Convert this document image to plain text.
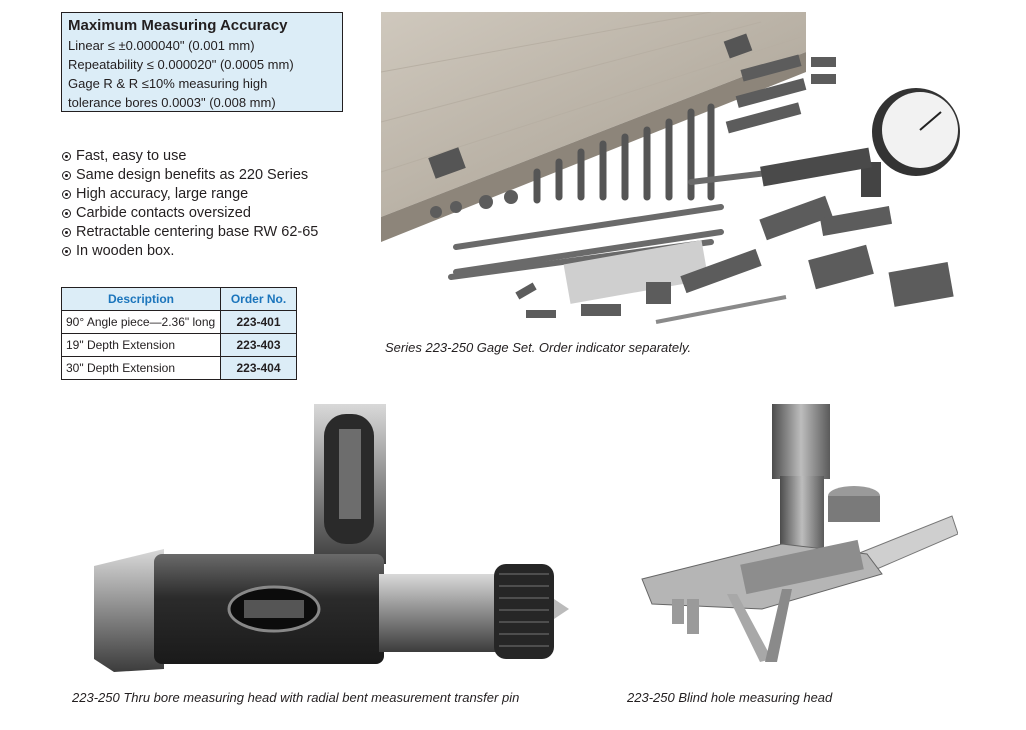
Maximum Measuring Accuracy
Linear ≤ ±0.000040" (0.001 mm)
Repeatability ≤ 0.000020" (0.0005 mm)
Gage R & R ≤10% measuring high
tolerance bores 0.0003" (0.008 mm)
Fast, easy to use
Same design benefits as 220 Series
High accuracy, large range
Carbide contacts oversized
Retractable centering base RW 62-65
In wooden box.
Description	Order No.
90° Angle piece—2.36" long	223-401
19" Depth Extension	223-403
30" Depth Extension	223-404
Series 223-250 Gage Set. Order indicator separately.
223-250 Thru bore measuring head with radial bent measurement transfer pin	223-250 Blind hole measuring head
